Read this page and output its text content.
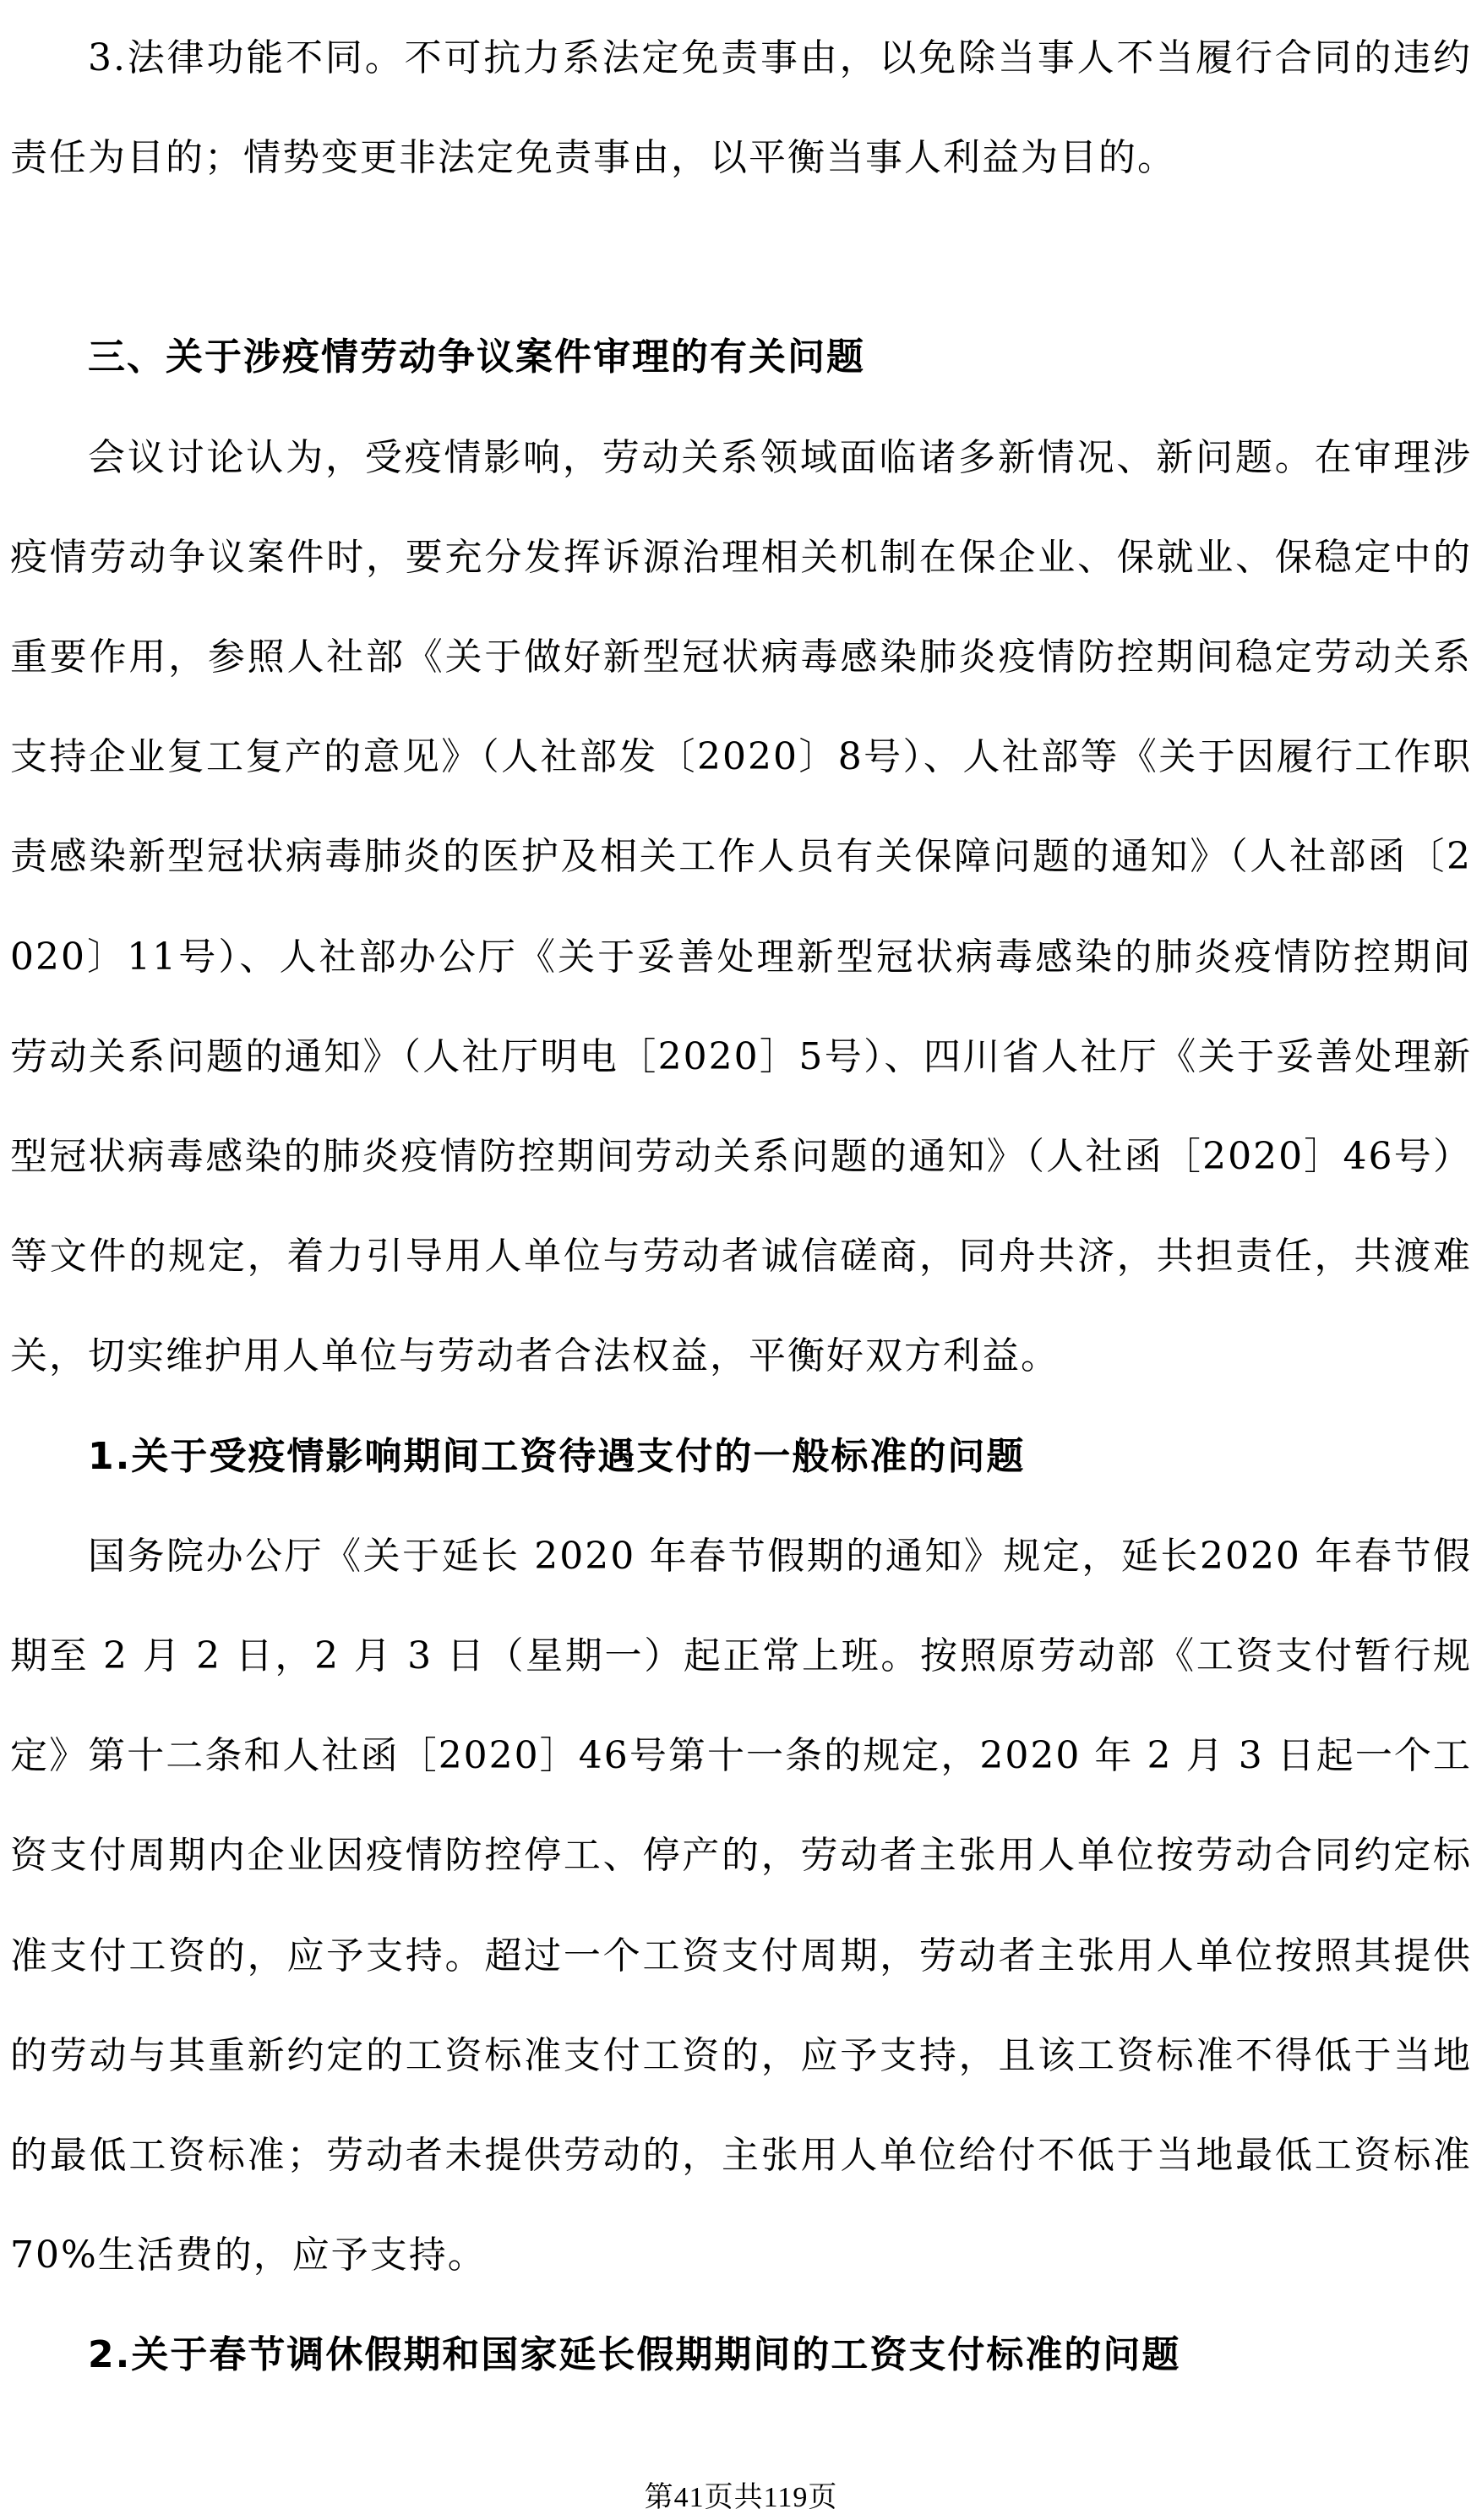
3.法律功能不同。不可抗力系法定免责事由，以免除当事人不当履行合同的违约责任为目的；情势变更非法定免责事由，以平衡当事人利益为目的。

三、关于涉疫情劳动争议案件审理的有关问题

会议讨论认为，受疫情影响，劳动关系领域面临诸多新情况、新问题。在审理涉疫情劳动争议案件时，要充分发挥诉源治理相关机制在保企业、保就业、保稳定中的重要作用，参照人社部《关于做好新型冠状病毒感染肺炎疫情防控期间稳定劳动关系支持企业复工复产的意见》（人社部发〔2020〕8号）、人社部等《关于因履行工作职责感染新型冠状病毒肺炎的医护及相关工作人员有关保障问题的通知》（人社部函〔2020〕11号）、人社部办公厅《关于妥善处理新型冠状病毒感染的肺炎疫情防控期间劳动关系问题的通知》（人社厅明电［2020］5号）、四川省人社厅《关于妥善处理新型冠状病毒感染的肺炎疫情防控期间劳动关系问题的通知》（人社函［2020］46号）等文件的规定，着力引导用人单位与劳动者诚信磋商，同舟共济，共担责任，共渡难关，切实维护用人单位与劳动者合法权益，平衡好双方利益。

1.关于受疫情影响期间工资待遇支付的一般标准的问题

国务院办公厅《关于延长 2020 年春节假期的通知》规定，延长2020 年春节假期至 2 月 2 日，2 月 3 日（星期一）起正常上班。按照原劳动部《工资支付暂行规定》第十二条和人社函［2020］46号第十一条的规定，2020 年 2 月 3 日起一个工资支付周期内企业因疫情防控停工、停产的，劳动者主张用人单位按劳动合同约定标准支付工资的，应予支持。超过一个工资支付周期，劳动者主张用人单位按照其提供的劳动与其重新约定的工资标准支付工资的，应予支持，且该工资标准不得低于当地的最低工资标准；劳动者未提供劳动的，主张用人单位给付不低于当地最低工资标准 70%生活费的，应予支持。

2.关于春节调休假期和国家延长假期期间的工资支付标准的问题

第41页共119页
